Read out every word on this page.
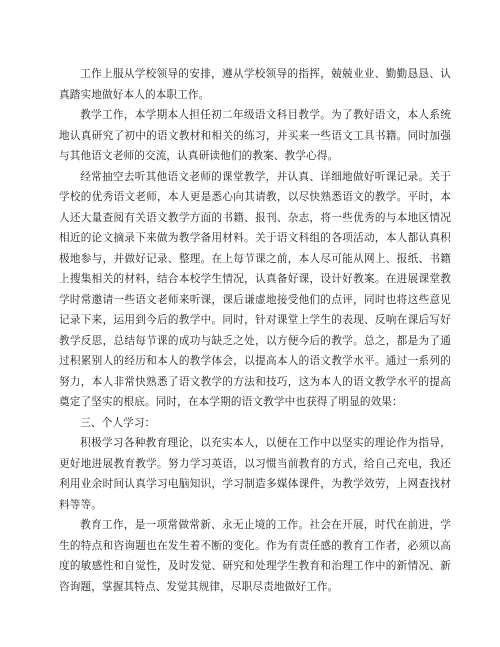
工作上服从学校领导的安排，遵从学校领导的指挥，兢兢业业、勤勤恳恳、认真踏实地做好本人的本职工作。

教学工作，本学期本人担任初二年级语文科目教学。为了教好语文，本人系统地认真研究了初中的语文教材和相关的练习，并买来一些语文工具书籍。同时加强与其他语文老师的交流，认真研读他们的教案、教学心得。

经常抽空去听其他语文老师的课堂教学，并认真、详细地做好听课记录。关于学校的优秀语文老师，本人更是悉心向其请教，以尽快熟悉语文的教学。平时，本人还大量查阅有关语文教学方面的书籍、报刊、杂志，将一些优秀的与本地区情况相近的论文摘录下来做为教学备用材料。关于语文科组的各项活动，本人都认真积极地参与，并做好记录、整理。在上每节课之前，本人尽可能从网上、报纸、书籍上搜集相关的材料，结合本校学生情况，认真备好课，设计好教案。在进展课堂教学时常邀请一些语文老师来听课，课后谦虚地接受他们的点评，同时也将这些意见记录下来，运用到今后的教学中。同时，针对课堂上学生的表现、反响在课后写好教学反思，总结每节课的成功与缺乏之处，以方便今后的教学。总之，都是为了通过积累别人的经历和本人的教学体会，以提高本人的语文教学水平。通过一系列的努力，本人非常快熟悉了语文教学的方法和技巧，这为本人的语文教学水平的提高奠定了坚实的根底。同时，在本学期的语文教学中也获得了明显的效果：

三、个人学习：

积极学习各种教育理论，以充实本人，以便在工作中以坚实的理论作为指导，更好地进展教育教学。努力学习英语，以习惯当前教育的方式，给自己充电，我还利用业余时间认真学习电脑知识，学习制造多媒体课件，为教学效劳，上网查找材料等等。

教育工作，是一项常做常新、永无止境的工作。社会在开展，时代在前进，学生的特点和咨询题也在发生着不断的变化。作为有责任感的教育工作者，必须以高度的敏感性和自觉性，及时发觉、研究和处理学生教育和治理工作中的新情况、新咨询题，掌握其特点、发觉其规律，尽职尽责地做好工作。
